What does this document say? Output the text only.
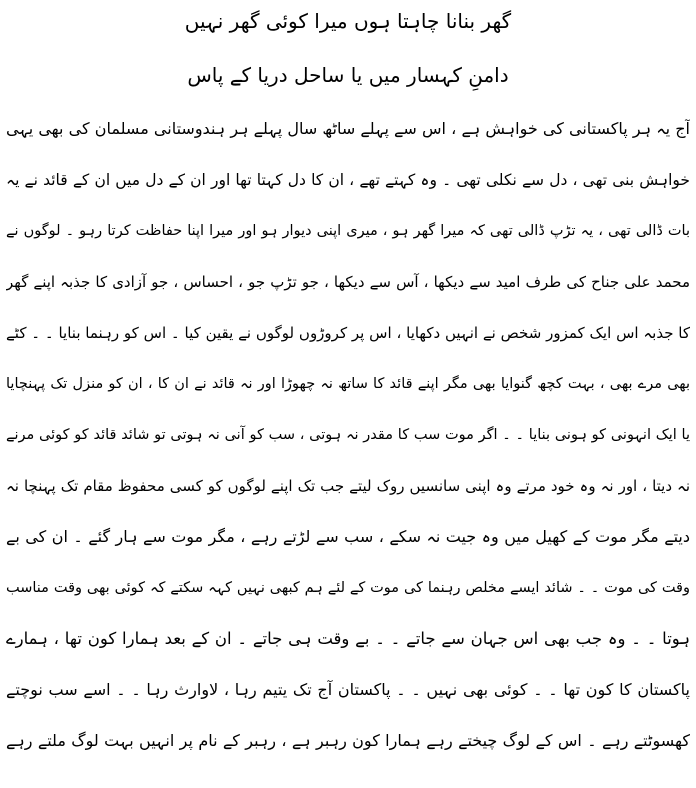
گھر بنانا چاہتا ہوں میرا کوئی گھر نہیں
دامنِ کہسار میں یا ساحل دریا کے پاس
آج یہ ہر پاکستانی کی خواہش ہے ، اس سے پہلے ساٹھ سال پہلے ہر ہندوستانی مسلمان کی بھی یہی
خواہش بنی تھی ، دل سے نکلی تھی ۔ وہ کہتے تھے ، ان کا دل کہتا تھا اور ان کے دل میں ان کے قائد نے یہ
بات ڈالی تھی ، یہ تڑپ ڈالی تھی کہ میرا گھر ہو ، میری اپنی دیوار ہو اور میرا اپنا حفاظت کرتا رہو ۔ لوگوں نے
محمد علی جناح کی طرف امید سے دیکھا ، آس سے دیکھا ، جو تڑپ جو ، احساس ، جو آزادی کا جذبہ اپنے گھر
کا جذبہ اس ایک کمزور شخص نے انہیں دکھایا ، اس پر کروڑوں لوگوں نے یقین کیا ۔ اس کو رہنما بنایا ۔ ۔ کٹے
بھی مرے بھی ، بہت کچھ گنوایا بھی مگر اپنے قائد کا ساتھ نہ چھوڑا اور نہ قائد نے ان کا ، ان کو منزل تک پہنچایا
یا ایک انہونی کو ہونی بنایا ۔ ۔ اگر موت سب کا مقدر نہ ہوتی ، سب کو آنی نہ ہوتی تو شائد قائد کو کوئی مرنے
نہ دیتا ، اور نہ وہ خود مرتے وہ اپنی سانسیں روک لیتے جب تک اپنے لوگوں کو کسی محفوظ مقام تک پہنچا نہ
دیتے مگر موت کے کھیل میں وہ جیت نہ سکے ، سب سے لڑتے رہے ، مگر موت سے ہار گئے ۔ ان کی بے
وقت کی موت ۔ ۔ شائد ایسے مخلص رہنما کی موت کے لئے ہم کبھی نہیں کہہ سکتے کہ کوئی بھی وقت مناسب
ہوتا ۔ ۔ وہ جب بھی اس جہان سے جاتے ۔ ۔ بے وقت ہی جاتے ۔ ان کے بعد ہمارا کون تھا ، ہمارے
پاکستان کا کون تھا ۔ ۔ کوئی بھی نہیں ۔ ۔ پاکستان آج تک یتیم رہا ، لاوارث رہا ۔ ۔ اسے سب نوچتے
کھسوٹتے رہے ۔ اس کے لوگ چیختے رہے ہمارا کون رہبر ہے ، رہبر کے نام پر انہیں بہت لوگ ملتے رہے
